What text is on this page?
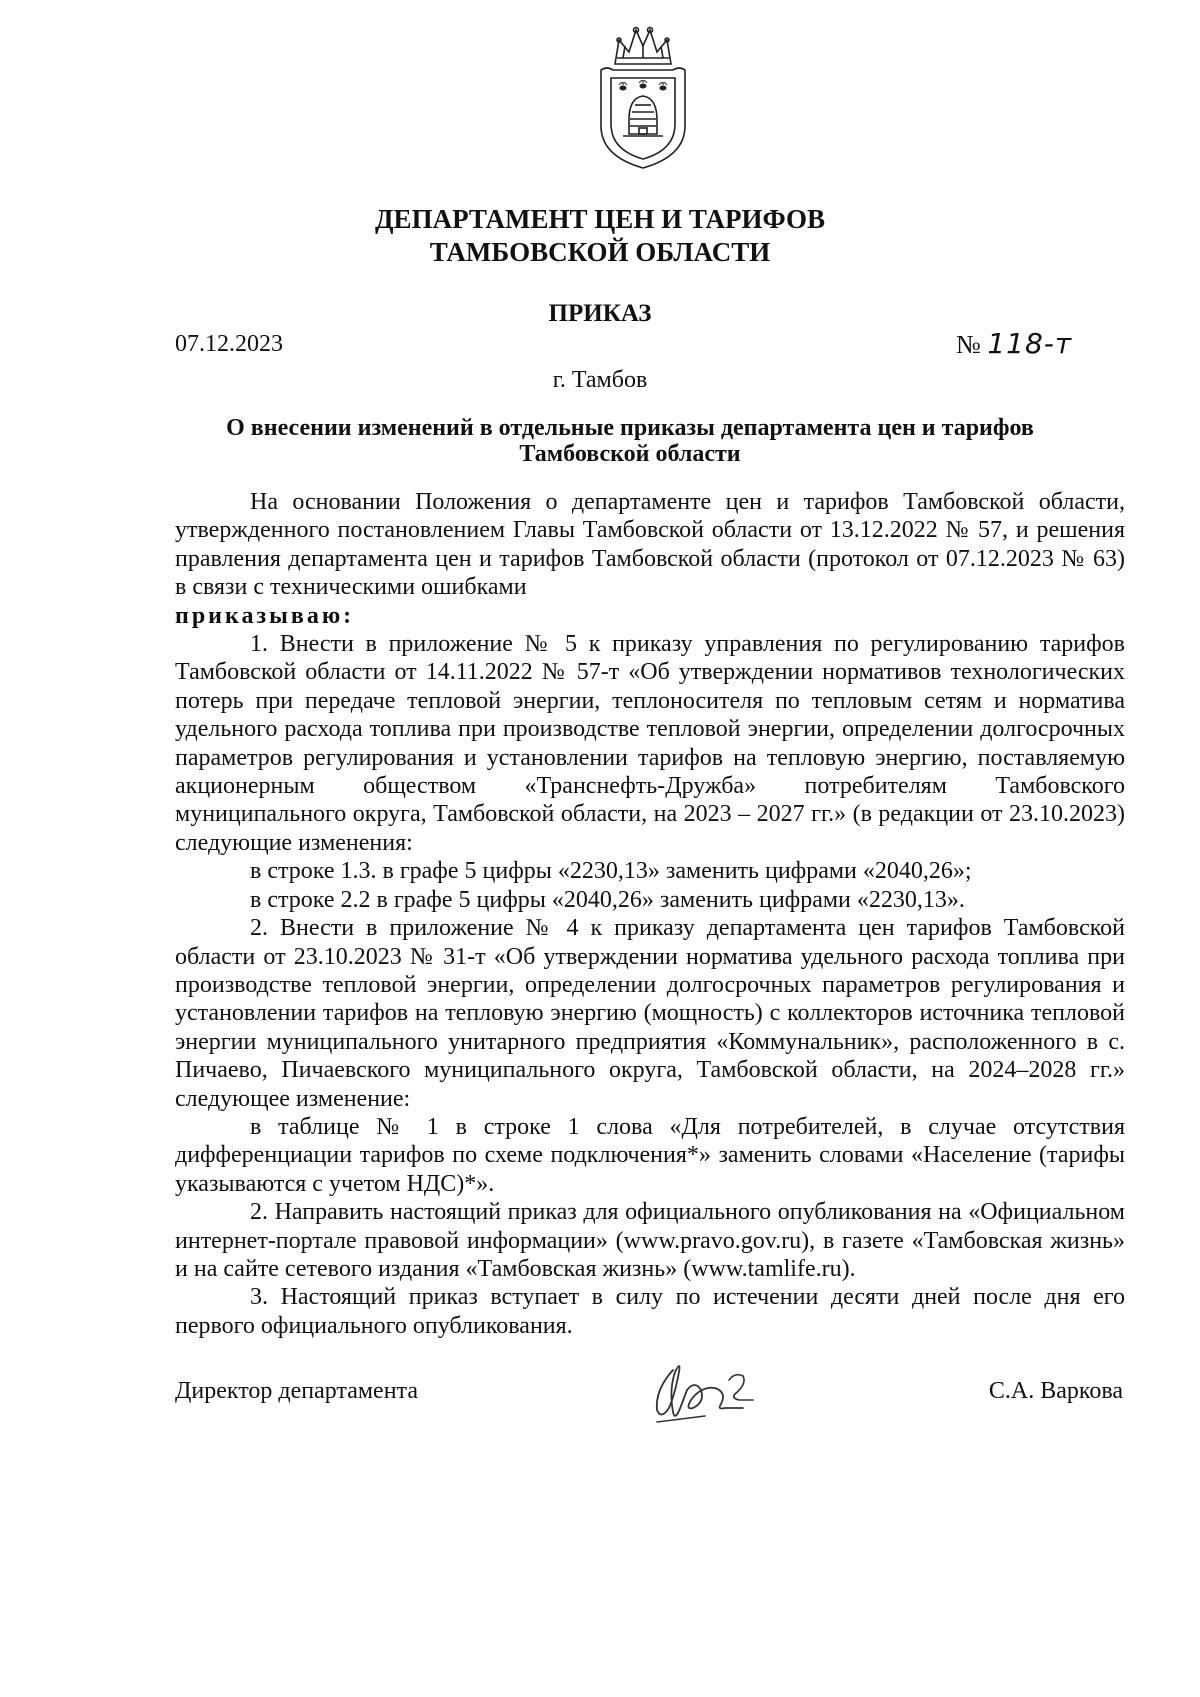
ДЕПАРТАМЕНТ ЦЕН И ТАРИФОВ
ТАМБОВСКОЙ ОБЛАСТИ
ПРИКАЗ
07.12.2023	№ 118-т
г. Тамбов
О внесении изменений в отдельные приказы департамента цен и тарифов Тамбовской области

На основании Положения о департаменте цен и тарифов Тамбовской области, утвержденного постановлением Главы Тамбовской области от 13.12.2022 № 57, и решения правления департамента цен и тарифов Тамбовской области (протокол от 07.12.2023 № 63) в связи с техническими ошибками

приказываю:

1. Внести в приложение № 5 к приказу управления по регулированию тарифов Тамбовской области от 14.11.2022 № 57-т «Об утверждении нормативов технологических потерь при передаче тепловой энергии, теплоносителя по тепловым сетям и норматива удельного расхода топлива при производстве тепловой энергии, определении долгосрочных параметров регулирования и установлении тарифов на тепловую энергию, поставляемую акционерным обществом «Транснефть-Дружба» потребителям Тамбовского муниципального округа, Тамбовской области, на 2023 – 2027 гг.» (в редакции от 23.10.2023) следующие изменения:

в строке 1.3. в графе 5 цифры «2230,13» заменить цифрами «2040,26»;

в строке 2.2 в графе 5 цифры «2040,26» заменить цифрами «2230,13».

2. Внести в приложение № 4 к приказу департамента цен тарифов Тамбовской области от 23.10.2023 № 31-т «Об утверждении норматива удельного расхода топлива при производстве тепловой энергии, определении долгосрочных параметров регулирования и установлении тарифов на тепловую энергию (мощность) с коллекторов источника тепловой энергии муниципального унитарного предприятия «Коммунальник», расположенного в с. Пичаево, Пичаевского муниципального округа, Тамбовской области, на 2024–2028 гг.» следующее изменение:

в таблице № 1 в строке 1 слова «Для потребителей, в случае отсутствия дифференциации тарифов по схеме подключения*» заменить словами «Население (тарифы указываются с учетом НДС)*».

2. Направить настоящий приказ для официального опубликования на «Официальном интернет-портале правовой информации» (www.pravo.gov.ru), в газете «Тамбовская жизнь» и на сайте сетевого издания «Тамбовская жизнь» (www.tamlife.ru).

3. Настоящий приказ вступает в силу по истечении десяти дней после дня его первого официального опубликования.

Директор департамента	С.А. Варкова
